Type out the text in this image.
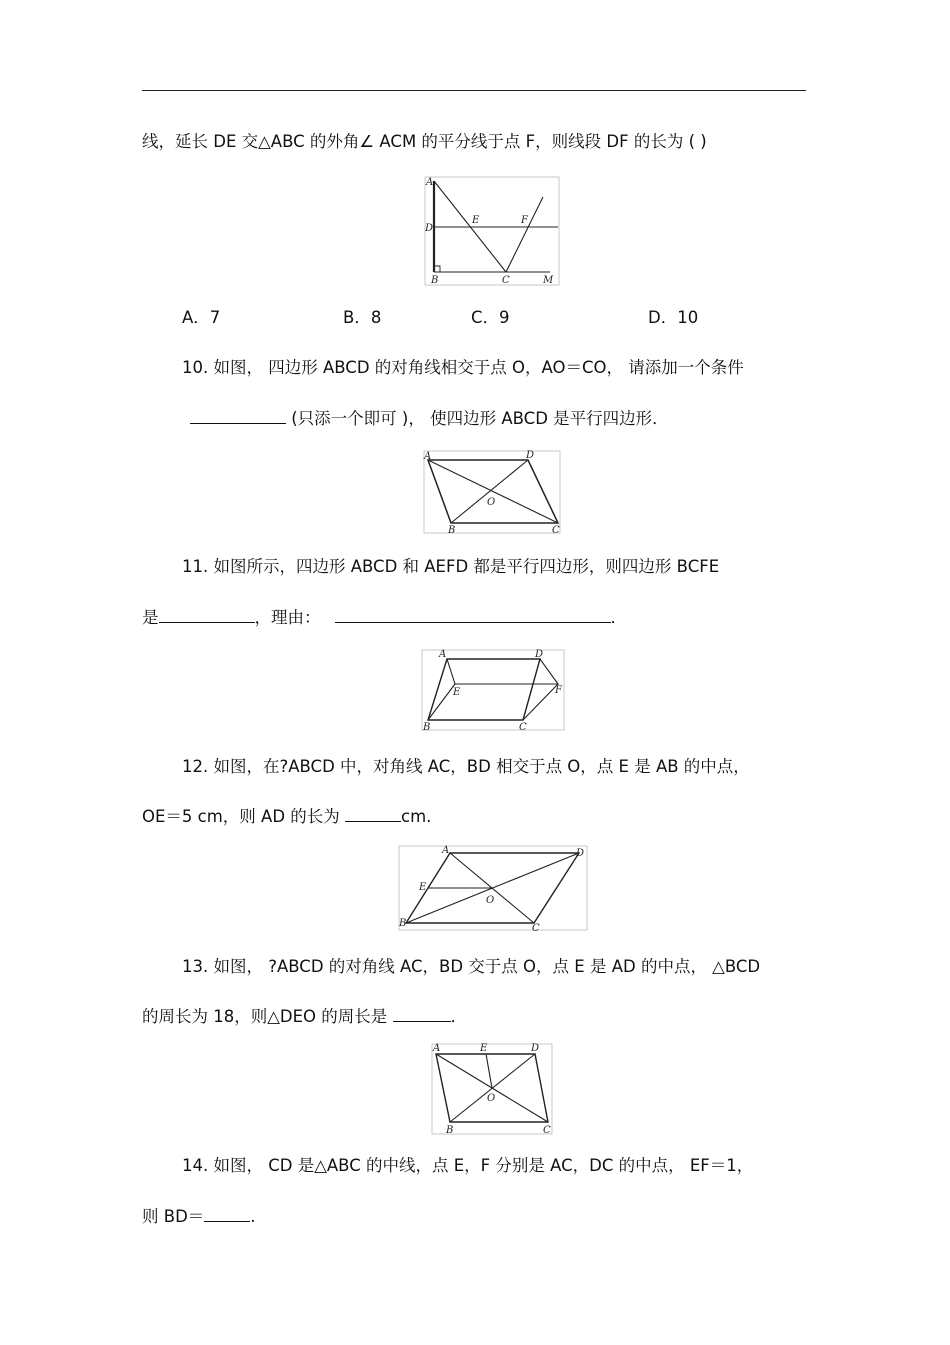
线，延长 DE 交△ABC 的外角∠ ACM 的平分线于点 F，则线段 DF 的长为 ( )
A
D
E	F
B	C	M
A．7	B．8	C．9	D．10
10. 如图， 四边形 ABCD 的对角线相交于点 O，AO＝CO， 请添加一个条件
(只添一个即可 )， 使四边形 ABCD 是平行四边形．
A	D
O
B	C
11. 如图所示，四边形 ABCD 和 AEFD 都是平行四边形，则四边形 BCFE
是	，理由：	．
A	D
E	F
B	C
12. 如图，在?ABCD 中，对角线 AC，BD 相交于点 O，点 E 是 AB 的中点，
OE＝5 cm，则 AD 的长为	cm.
A	D
E
O
B	C
13. 如图， ?ABCD 的对角线 AC，BD 交于点 O，点 E 是 AD 的中点， △BCD
的周长为 18，则△DEO 的周长是	．
A	E	D
O
B	C
14. 如图， CD 是△ABC 的中线，点 E，F 分别是 AC，DC 的中点， EF＝1，
则 BD＝	.
